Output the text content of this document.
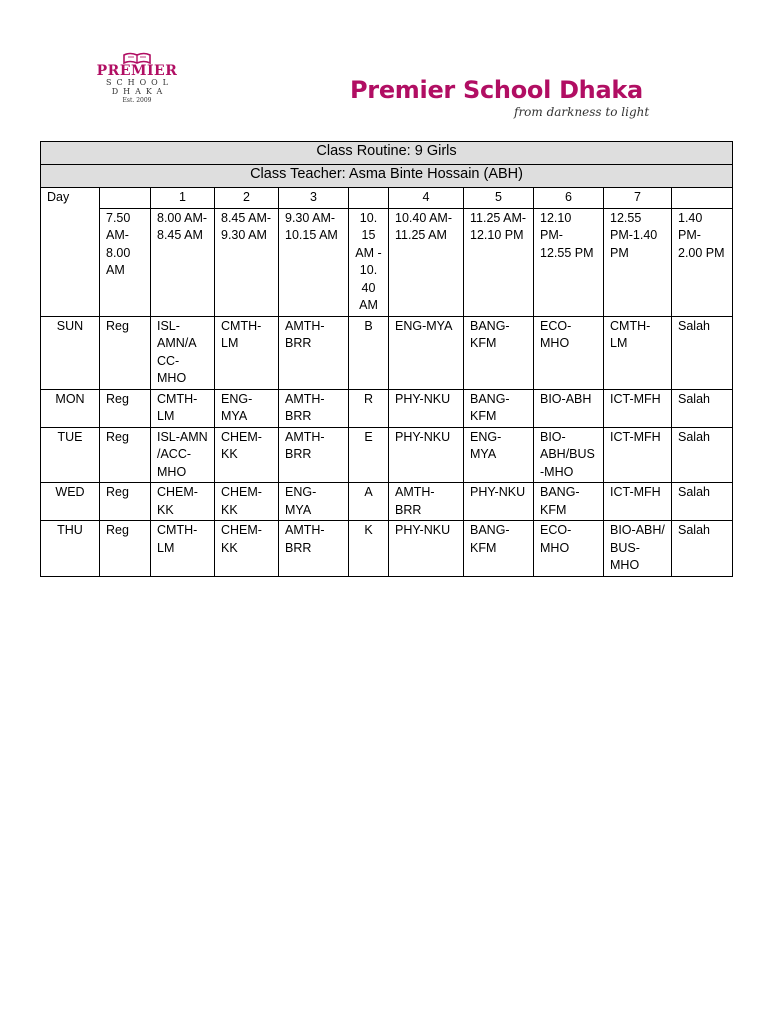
PREMIER
SCHOOL
DHAKA
Est. 2009	Premier School Dhaka
from darkness to light
Class Routine: 9 Girls										
Class Teacher: Asma Binte Hossain (ABH)										
Day		1	2	3		4	5	6	7	
	7.50 AM- 8.00 AM	8.00 AM- 8.45 AM	8.45 AM- 9.30 AM	9.30 AM- 10.15 AM	10. 15 AM - 10. 40 AM	10.40 AM- 11.25 AM	11.25 AM- 12.10 PM	12.10 PM- 12.55 PM	12.55 PM-1.40 PM	1.40 PM- 2.00 PM
SUN	Reg	ISL-AMN/A CC-MHO	CMTH-LM	AMTH-BRR	B	ENG-MYA	BANG-KFM	ECO-MHO	CMTH-LM	Salah
MON	Reg	CMTH-LM	ENG-MYA	AMTH-BRR	R	PHY-NKU	BANG-KFM	BIO-ABH	ICT-MFH	Salah
TUE	Reg	ISL-AMN /ACC-MHO	CHEM-KK	AMTH-BRR	E	PHY-NKU	ENG-MYA	BIO-ABH/BUS-MHO	ICT-MFH	Salah
WED	Reg	CHEM-KK	CHEM-KK	ENG-MYA	A	AMTH-BRR	PHY-NKU	BANG-KFM	ICT-MFH	Salah
THU	Reg	CMTH-LM	CHEM-KK	AMTH-BRR	K	PHY-NKU	BANG-KFM	ECO-MHO	BIO-ABH/ BUS-MHO	Salah
